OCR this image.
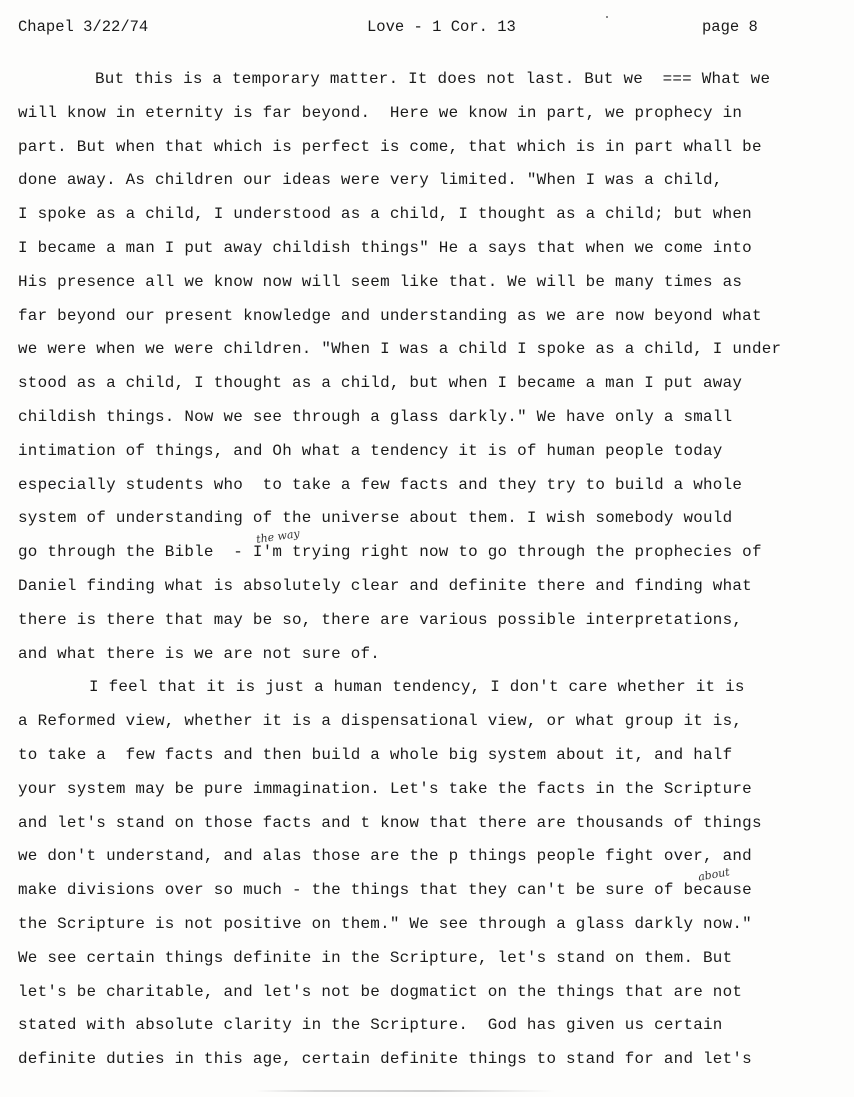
Chapel 3/22/74	Love - 1 Cor. 13	page 8
But this is a temporary matter. It does not last. But we  === What we
will know in eternity is far beyond.  Here we know in part, we prophecy in
part. But when that which is perfect is come, that which is in part whall be
done away. As children our ideas were very limited. "When I was a child,
I spoke as a child, I understood as a child, I thought as a child; but when
I became a man I put away childish things" He a says that when we come into
His presence all we know now will seem like that. We will be many times as
far beyond our present knowledge and understanding as we are now beyond what
we were when we were children. "When I was a child I spoke as a child, I under
stood as a child, I thought as a child, but when I became a man I put away
childish things. Now we see through a glass darkly." We have only a small
intimation of things, and Oh what a tendency it is of human people today
especially students who  to take a few facts and they try to build a whole
system of understanding of the universe about them. I wish somebody would
go through the Bible  - I'm trying right now to go through the prophecies of
Daniel finding what is absolutely clear and definite there and finding what
there is there that may be so, there are various possible interpretations,
and what there is we are not sure of.
I feel that it is just a human tendency, I don't care whether it is
a Reformed view, whether it is a dispensational view, or what group it is,
to take a  few facts and then build a whole big system about it, and half
your system may be pure immagination. Let's take the facts in the Scripture
and let's stand on those facts and t know that there are thousands of things
we don't understand, and alas those are the p things people fight over, and
make divisions over so much - the things that they can't be sure of because
the Scripture is not positive on them." We see through a glass darkly now."
We see certain things definite in the Scripture, let's stand on them. But
let's be charitable, and let's not be dogmatict on the things that are not
stated with absolute clarity in the Scripture.  God has given us certain
definite duties in this age, certain definite things to stand for and let's
the way
about
